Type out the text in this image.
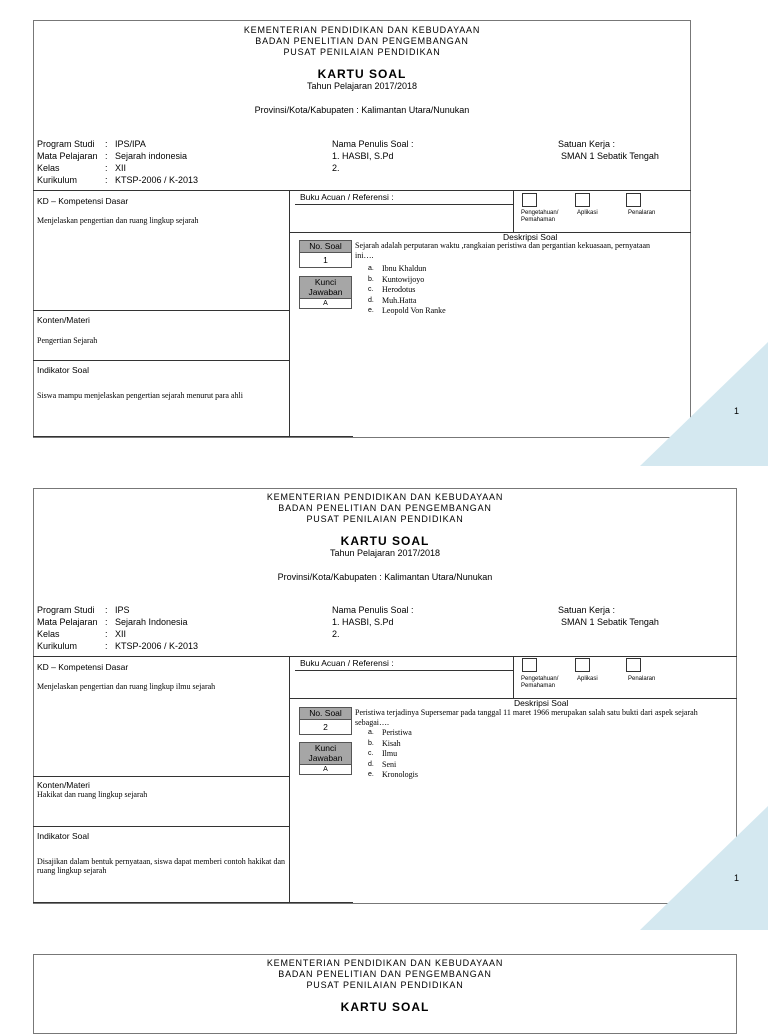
KEMENTERIAN PENDIDIKAN DAN KEBUDAYAAN
BADAN PENELITIAN DAN PENGEMBANGAN
PUSAT PENILAIAN PENDIDIKAN
KARTU SOAL
Tahun Pelajaran 2017/2018
Provinsi/Kota/Kabupaten : Kalimantan Utara/Nunukan
Program Studi	: IPS/IPA
Mata Pelajaran : Sejarah indonesia
Kelas	: XII
Kurikulum	: KTSP-2006 / K-2013
Nama Penulis Soal :
1. HASBI, S.Pd
2.
Satuan Kerja :
SMAN 1 Sebatik Tengah
KD – Kompetensi Dasar
Menjelaskan pengertian dan ruang lingkup sejarah
Konten/Materi
Pengertian Sejarah
Indikator Soal
Siswa mampu menjelaskan pengertian sejarah menurut para ahli
Buku Acuan / Referensi :
Pengetahuan/
Pemahaman
Aplikasi	Penalaran
Deskripsi Soal
No. Soal
1
Kunci
Jawaban
A
Sejarah adalah perputaran waktu ,rangkaian peristiwa dan pergantian kekuasaan, pernyataan ini….
a.	Ibnu Khaldun
b.	Kuntowijoyo
c.	Herodotus
d.	Muh.Hatta
e.	Leopold Von Ranke
1
KEMENTERIAN PENDIDIKAN DAN KEBUDAYAAN
BADAN PENELITIAN DAN PENGEMBANGAN
PUSAT PENILAIAN PENDIDIKAN
KARTU SOAL
Tahun Pelajaran 2017/2018
Provinsi/Kota/Kabupaten : Kalimantan Utara/Nunukan
Program Studi	: IPS
Mata Pelajaran : Sejarah Indonesia
Kelas	: XII
Kurikulum	: KTSP-2006 / K-2013
Nama Penulis Soal :
1. HASBI, S.Pd
2.
Satuan Kerja :
SMAN 1 Sebatik Tengah
KD – Kompetensi Dasar
Menjelaskan pengertian dan ruang lingkup ilmu sejarah
Konten/Materi
Hakikat dan ruang lingkup sejarah
Indikator Soal
Disajikan dalam bentuk pernyataan, siswa dapat memberi contoh hakikat dan ruang lingkup sejarah
Buku Acuan / Referensi :
Pengetahuan/
Pemahaman
Aplikasi	Penalaran
Deskripsi Soal
No. Soal
2
Kunci
Jawaban
A
Peristiwa terjadinya Supersemar pada tanggal 11 maret 1966 merupakan salah satu bukti dari aspek sejarah sebagai….
a.	Peristiwa
b.	Kisah
c.	Ilmu
d.	Seni
e.	Kronologis
1
KEMENTERIAN PENDIDIKAN DAN KEBUDAYAAN
BADAN PENELITIAN DAN PENGEMBANGAN
PUSAT PENILAIAN PENDIDIKAN
KARTU SOAL
